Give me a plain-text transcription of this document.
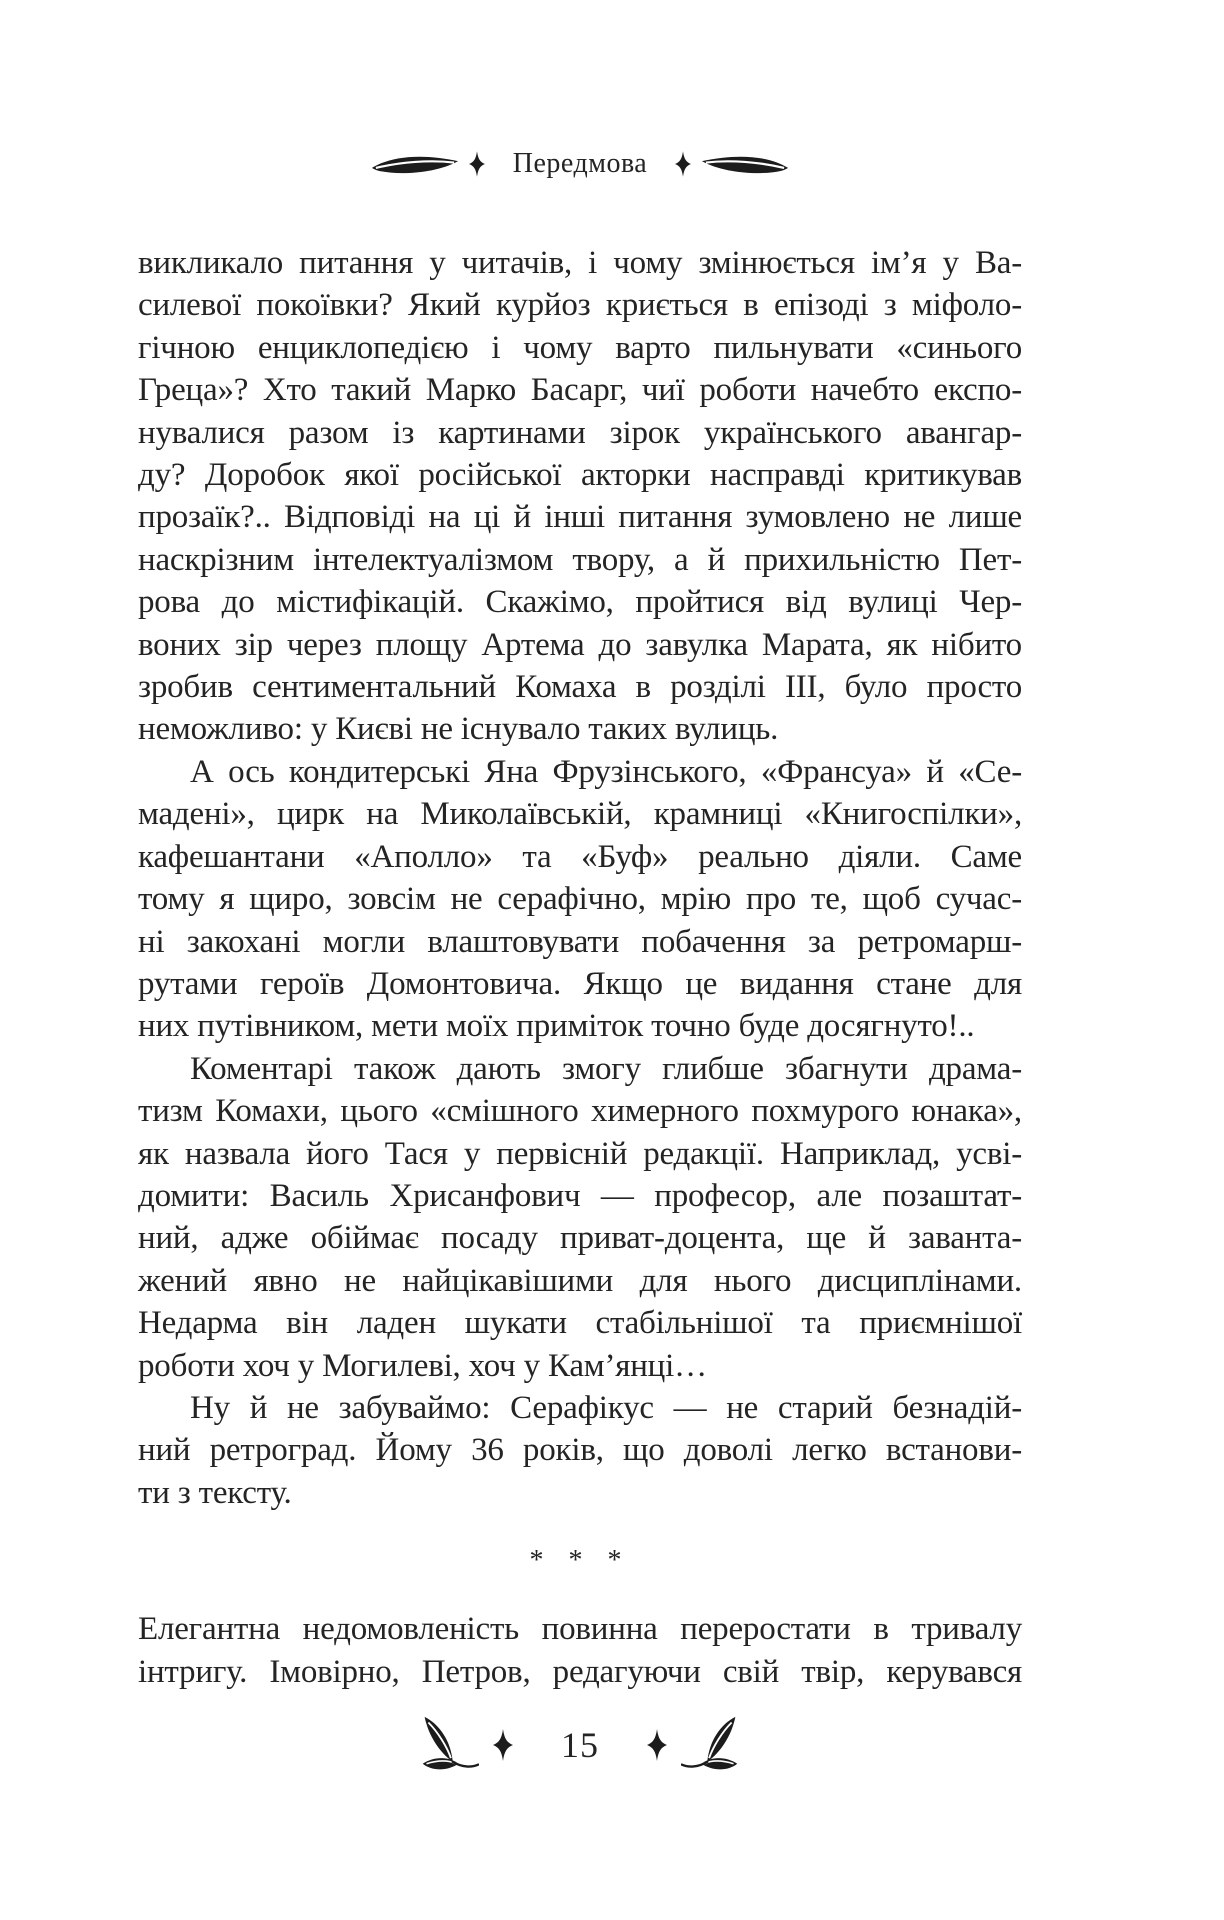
Передмова
викликало питання у читачів, і чому змінюється ім’я у Ва-
силевої покоївки? Який курйоз криється в епізоді з міфоло-
гічною енциклопедією і чому варто пильнувати «синього
Греца»? Хто такий Марко Басарг, чиї роботи начебто експо-
нувалися разом із картинами зірок українського авангар-
ду? Доробок якої російської акторки насправді критикував
прозаїк?.. Відповіді на ці й інші питання зумовлено не лише
наскрізним інтелектуалізмом твору, а й прихильністю Пет-
рова до містифікацій. Скажімо, пройтися від вулиці Чер-
воних зір через площу Артема до завулка Марата, як нібито
зробив сентиментальний Комаха в розділі III, було просто
неможливо: у Києві не існувало таких вулиць.
А ось кондитерські Яна Фрузінського, «Франсуа» й «Се-
мадені», цирк на Миколаївській, крамниці «Книгоспілки»,
кафешантани «Аполло» та «Буф» реально діяли. Саме
тому я щиро, зовсім не серафічно, мрію про те, щоб сучас-
ні закохані могли влаштовувати побачення за ретромарш-
рутами героїв Домонтовича. Якщо це видання стане для
них путівником, мети моїх приміток точно буде досягнуто!..
Коментарі також дають змогу глибше збагнути драма-
тизм Комахи, цього «смішного химерного похмурого юнака»,
як назвала його Тася у первісній редакції. Наприклад, усві-
домити: Василь Хрисанфович — професор, але позаштат-
ний, адже обіймає посаду приват-доцента, ще й заванта-
жений явно не найцікавішими для нього дисциплінами.
Недарма він ладен шукати стабільнішої та приємнішої
роботи хоч у Могилеві, хоч у Кам’янці…
Ну й не забуваймо: Серафікус — не старий безнадій-
ний ретроград. Йому 36 років, що доволі легко встанови-
ти з тексту.
* * *
Елегантна недомовленість повинна переростати в тривалу
інтригу. Імовірно, Петров, редагуючи свій твір, керувався
15
